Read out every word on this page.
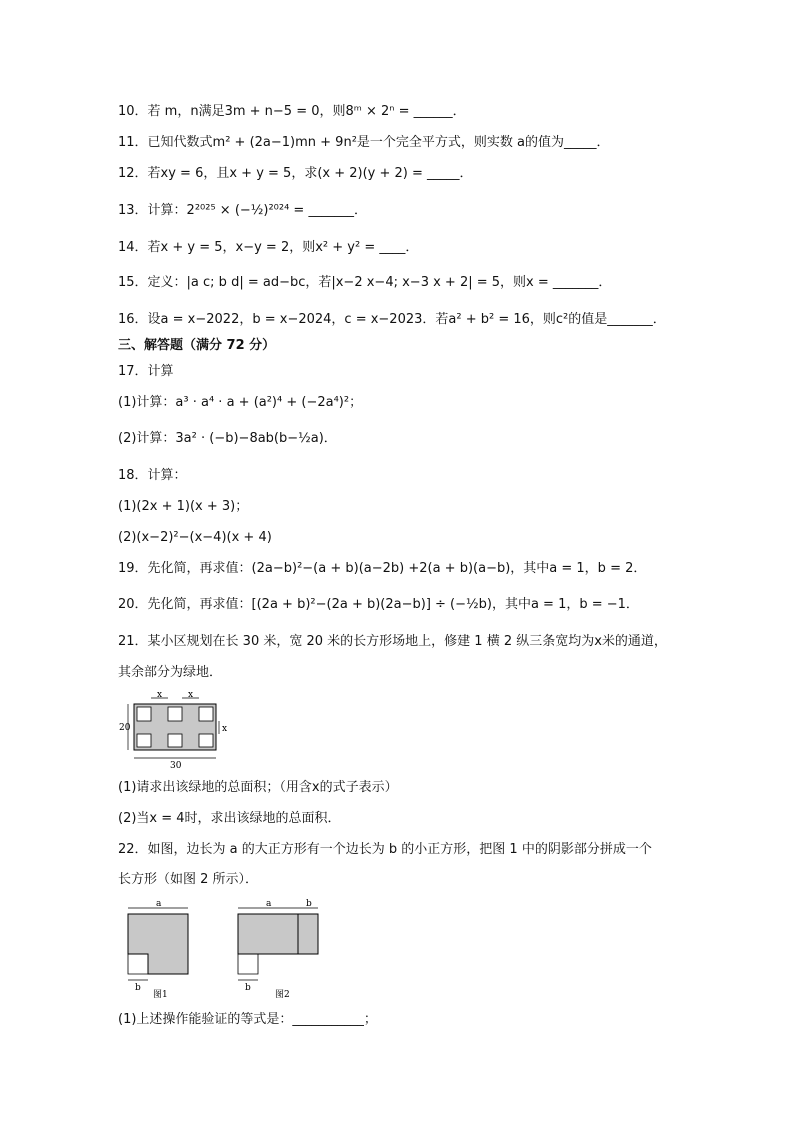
10．若 m，n满足3m + n−5 = 0，则8ᵐ × 2ⁿ = ______．
11．已知代数式m² + (2a−1)mn + 9n²是一个完全平方式，则实数 a的值为_____．
12．若xy = 6，且x + y = 5，求(x + 2)(y + 2) = _____．
13．计算：2²⁰²⁵ × (−½)²⁰²⁴ = _______．
14．若x + y = 5，x−y = 2，则x² + y² = ____．
15．定义：|a c; b d| = ad−bc，若|x−2 x−4; x−3 x + 2| = 5，则x = _______．
16．设a = x−2022，b = x−2024，c = x−2023．若a² + b² = 16，则c²的值是_______．
三、解答题（满分 72 分）
17．计算
(1)计算：a³ · a⁴ · a + (a²)⁴ + (−2a⁴)²；
(2)计算：3a² · (−b)−8ab(b−½a)．
18．计算：
(1)(2x + 1)(x + 3)；
(2)(x−2)²−(x−4)(x + 4)
19．先化简，再求值：(2a−b)²−(a + b)(a−2b) +2(a + b)(a−b)，其中a = 1，b = 2．
20．先化简，再求值：[(2a + b)²−(2a + b)(2a−b)] ÷ (−½b)，其中a = 1，b = −1．
21．某小区规划在长 30 米，宽 20 米的长方形场地上，修建 1 横 2 纵三条宽均为x米的通道，
其余部分为绿地．
x	x
x
20
30
(1)请求出该绿地的总面积；（用含x的式子表示）
(2)当x = 4时，求出该绿地的总面积．
22．如图，边长为 a 的大正方形有一个边长为 b 的小正方形，把图 1 中的阴影部分拼成一个
长方形（如图 2 所示）．
a
b
图1
a	b
b
图2
(1)上述操作能验证的等式是：___________；
